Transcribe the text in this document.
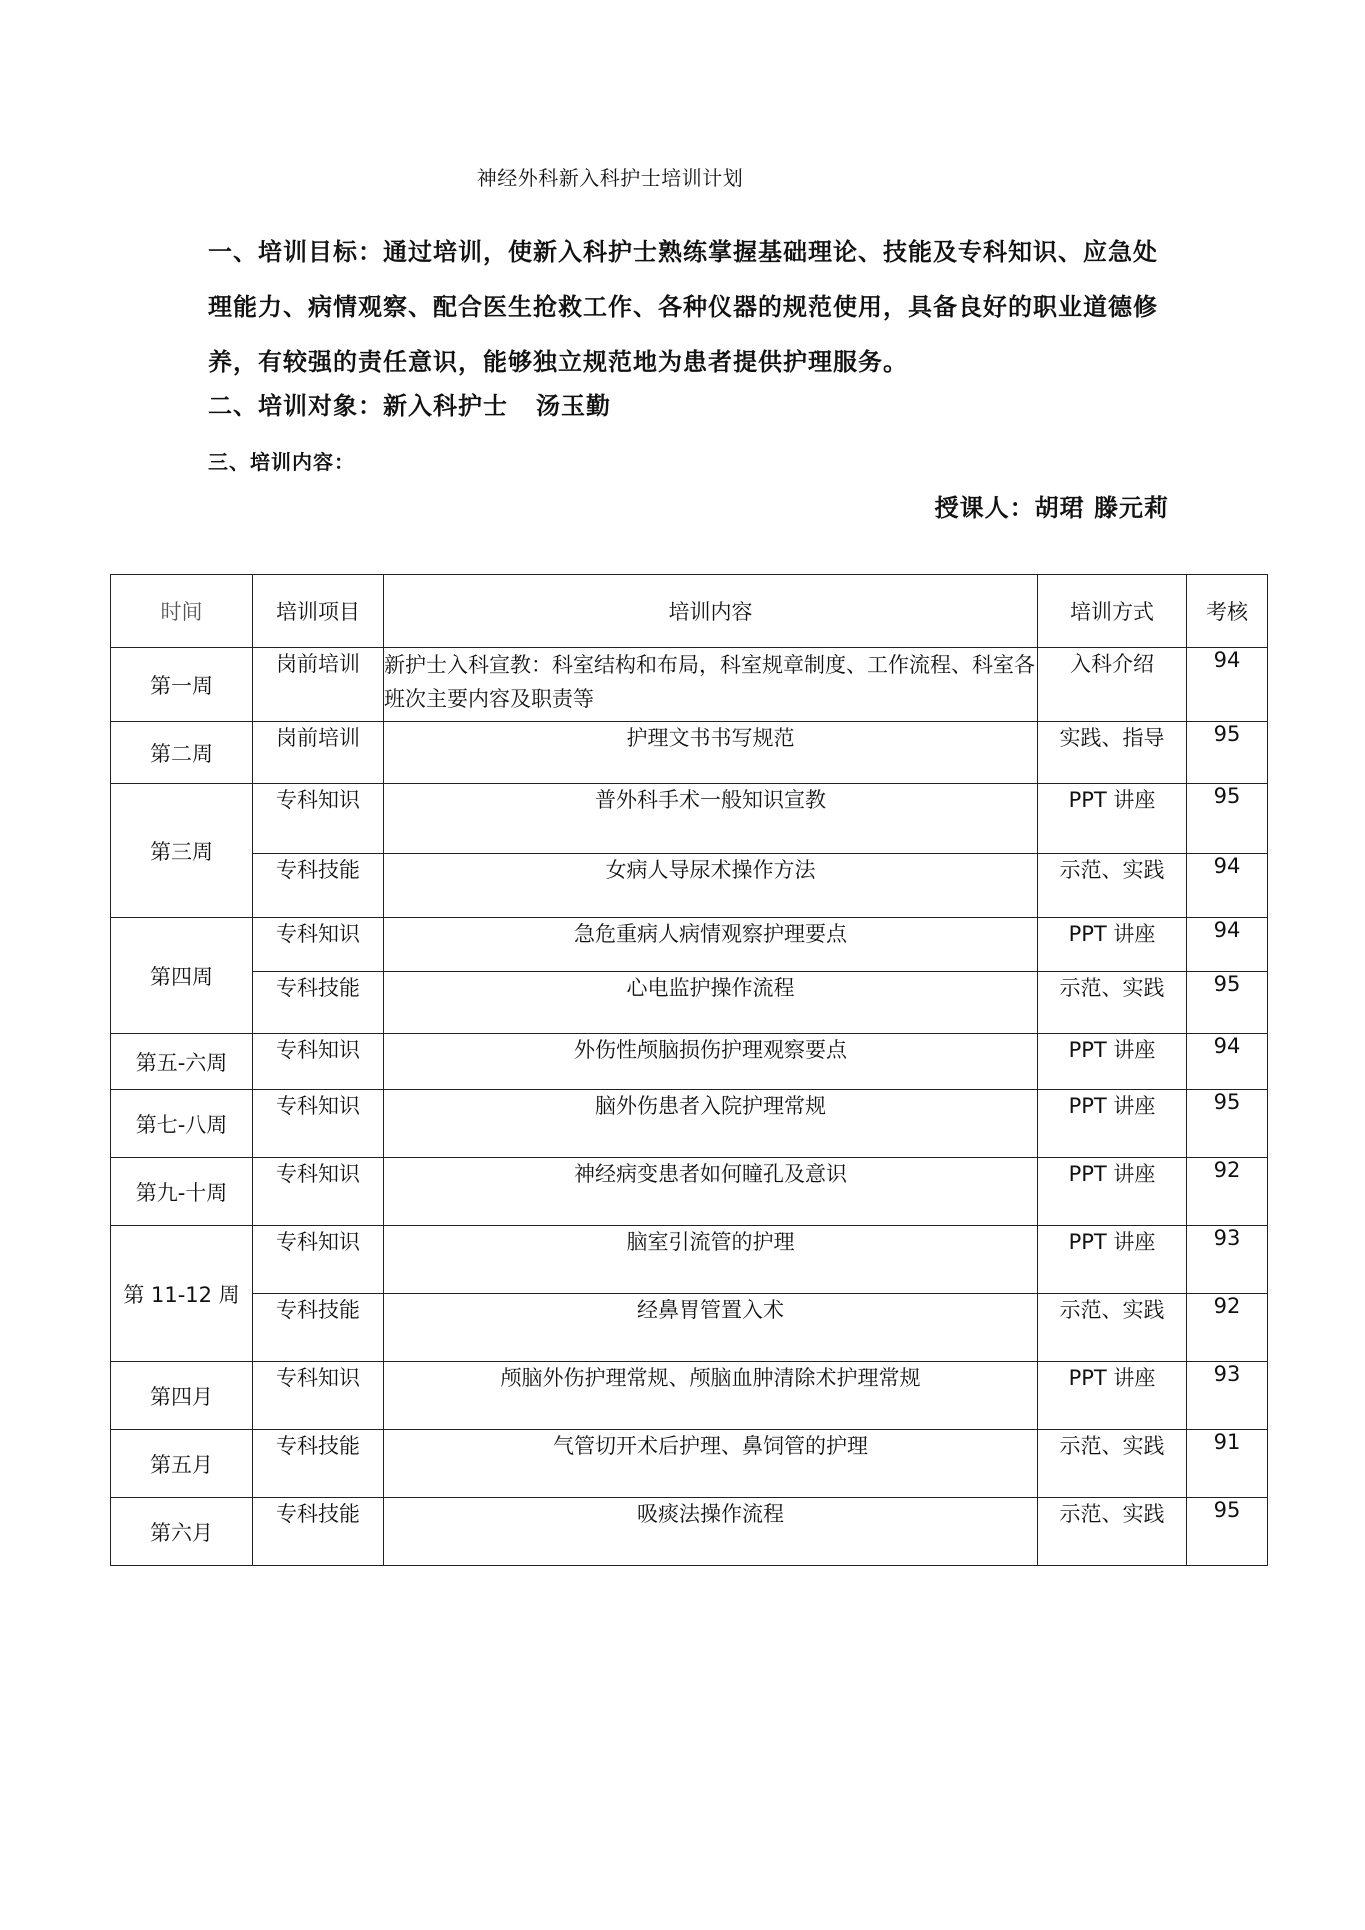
神经外科新入科护士培训计划
一、培训目标：通过培训，使新入科护士熟练掌握基础理论、技能及专科知识、应急处理能力、病情观察、配合医生抢救工作、各种仪器的规范使用，具备良好的职业道德修养，有较强的责任意识，能够独立规范地为患者提供护理服务。
二、培训对象：新入科护士 汤玉勤
三、培训内容：
授课人：胡珺 滕元莉
时间	培训项目	培训内容	培训方式	考核
第一周	岗前培训	新护士入科宣教：科室结构和布局，科室规章制度、工作流程、科室各班次主要内容及职责等	入科介绍	94
第二周	岗前培训	护理文书书写规范	实践、指导	95
第三周	专科知识	普外科手术一般知识宣教	PPT 讲座	95
	专科技能	女病人导尿术操作方法	示范、实践	94
第四周	专科知识	急危重病人病情观察护理要点	PPT 讲座	94
	专科技能	心电监护操作流程	示范、实践	95
第五-六周	专科知识	外伤性颅脑损伤护理观察要点	PPT 讲座	94
第七-八周	专科知识	脑外伤患者入院护理常规	PPT 讲座	95
第九-十周	专科知识	神经病变患者如何瞳孔及意识	PPT 讲座	92
第 11-12 周	专科知识	脑室引流管的护理	PPT 讲座	93
	专科技能	经鼻胃管置入术	示范、实践	92
第四月	专科知识	颅脑外伤护理常规、颅脑血肿清除术护理常规	PPT 讲座	93
第五月	专科技能	气管切开术后护理、鼻饲管的护理	示范、实践	91
第六月	专科技能	吸痰法操作流程	示范、实践	95
